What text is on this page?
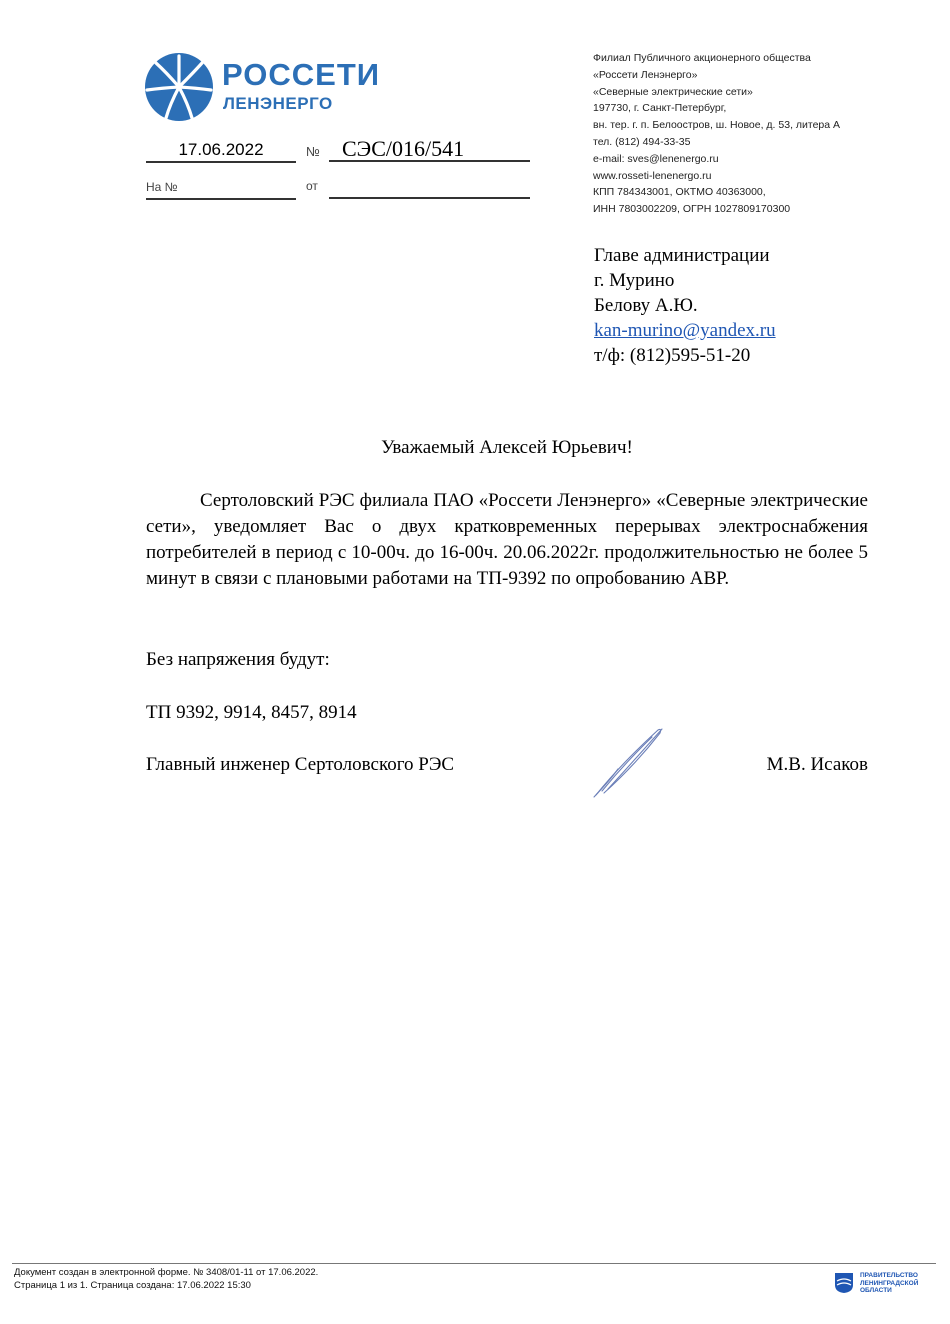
РОССЕТИ
ЛЕНЭНЕРГО
17.06.2022	№	СЭС/016/541
На №	от
Филиал Публичного акционерного общества
«Россети Ленэнерго»
«Северные электрические сети»
197730, г. Санкт-Петербург,
вн. тер. г. п. Белоостров, ш. Новое, д. 53, литера А
тел. (812) 494-33-35
e-mail: sves@lenenergo.ru
www.rosseti-lenenergo.ru
КПП 784343001, ОКТМО 40363000,
ИНН 7803002209, ОГРН 1027809170300
Главе администрации
г. Мурино
Белову А.Ю.
kan-murino@yandex.ru
т/ф: (812)595-51-20
Уважаемый Алексей Юрьевич!
Сертоловский РЭС филиала ПАО «Россети Ленэнерго» «Северные электрические сети», уведомляет Вас о двух кратковременных перерывах электроснабжения потребителей в период с 10-00ч. до 16-00ч. 20.06.2022г. продолжительностью не более 5 минут в связи с плановыми работами на ТП-9392 по опробованию АВР.
Без напряжения будут:
ТП 9392, 9914, 8457, 8914
Главный инженер Сертоловского РЭС	М.В. Исаков
Документ создан в электронной форме. № 3408/01-11 от 17.06.2022.
Страница 1 из 1. Страница создана: 17.06.2022 15:30
ПРАВИТЕЛЬСТВО
ЛЕНИНГРАДСКОЙ
ОБЛАСТИ
